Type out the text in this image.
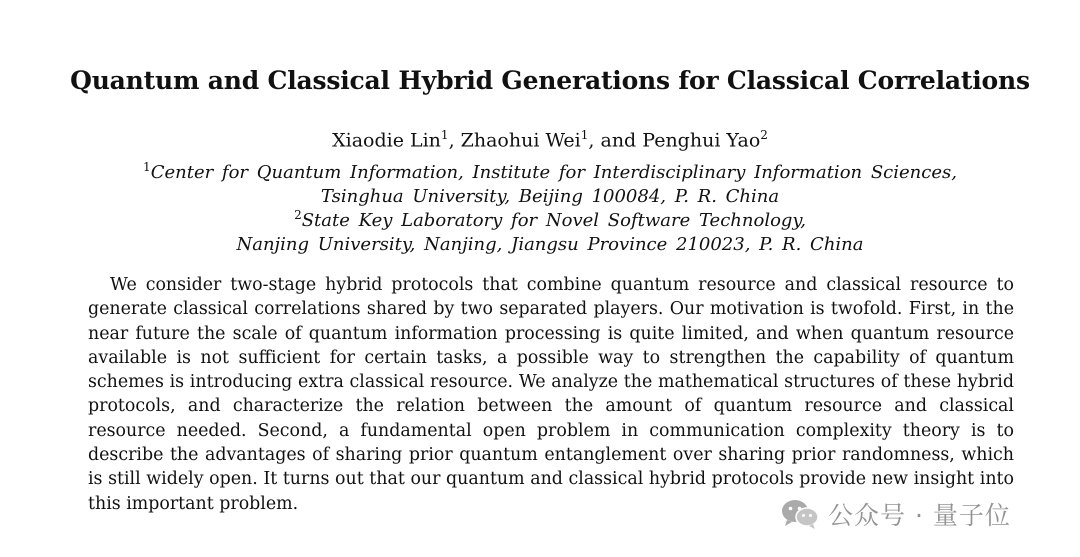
Quantum and Classical Hybrid Generations for Classical Correlations
Xiaodie Lin$^1$, Zhaohui Wei$^1$, and Penghui Yao$^2$
$^1$Center for Quantum Information, Institute for Interdisciplinary Information Sciences,
Tsinghua University, Beijing 100084, P. R. China
$^2$State Key Laboratory for Novel Software Technology,
Nanjing University, Nanjing, Jiangsu Province 210023, P. R. China

We consider two-stage hybrid protocols that combine quantum resource and classical resource to generate classical correlations shared by two separated players. Our motivation is twofold. First, in the near future the scale of quantum information processing is quite limited, and when quantum resource available is not sufficient for certain tasks, a possible way to strengthen the capability of quantum schemes is introducing extra classical resource. We analyze the mathematical structures of these hybrid protocols, and characterize the relation between the amount of quantum resource and classical resource needed. Second, a fundamental open problem in communication complexity theory is to describe the advantages of sharing prior quantum entanglement over sharing prior randomness, which is still widely open. It turns out that our quantum and classical hybrid protocols provide new insight into this important problem.	公众号 · 量子位
